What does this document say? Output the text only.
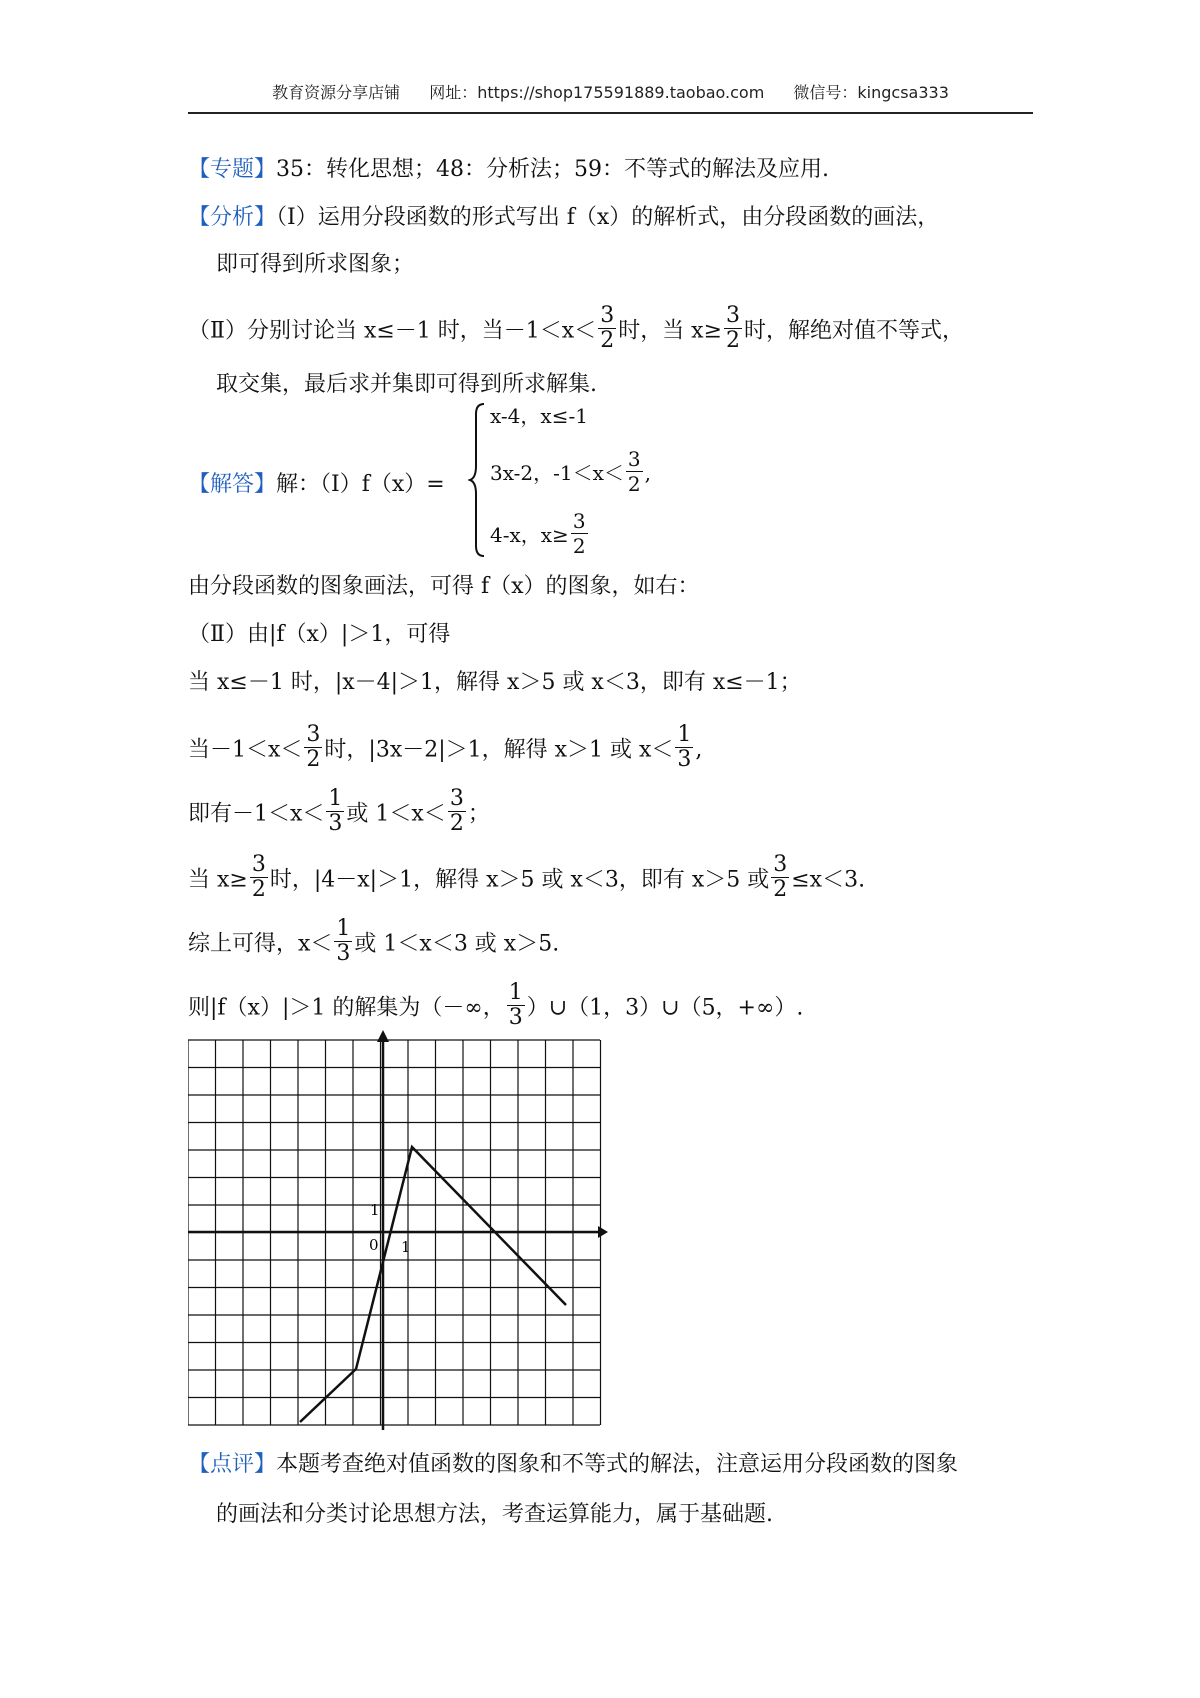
教育资源分享店铺 网址：https://shop175591889.taobao.com 微信号：kingcsa333
【专题】35：转化思想；48：分析法；59：不等式的解法及应用.
【分析】（Ⅰ）运用分段函数的形式写出 f（x）的解析式，由分段函数的画法，
即可得到所求图象；
（Ⅱ）分别讨论当 x≤－1 时，当$-1<x< \frac{3}{2}$ 时，当 $x\ge \frac{3}{2}$ 时，解绝对值不等式，
取交集，最后求并集即可得到所求解集.
【解答】解：（Ⅰ）f（x）=
x-4，x≤-1
3x-2，$-1<x< \frac{3}{2}$ ,
4-x，$x\ge \frac{3}{2}$
由分段函数的图象画法，可得 f（x）的图象，如右：
（Ⅱ）由|f（x）|＞1，可得
当 x≤－1 时，|x－4|＞1，解得 x＞5 或 x＜3，即有 x≤－1；
当$-1<x< \frac{3}{2}$ 时，|3x－2|＞1，解得 x＞1 或 $x< \frac{1}{3}$ ,
即有$-1<x< \frac{1}{3}$ 或 $1<x< \frac{3}{2}$ ；
当 $x\ge \frac{3}{2}$ 时，|4－x|＞1，解得 x＞5 或 x＜3，即有 x＞5 或 $\frac{3}{2} \le x<3$.
综上可得，$x< \frac{1}{3}$ 或 1＜x＜3 或 x＞5.
则|f（x）|＞1 的解集为（－∞， $\frac{1}{3}$ ）∪（1，3）∪（5，+∞）.
1
0 1
【点评】本题考查绝对值函数的图象和不等式的解法，注意运用分段函数的图象
的画法和分类讨论思想方法，考查运算能力，属于基础题.
